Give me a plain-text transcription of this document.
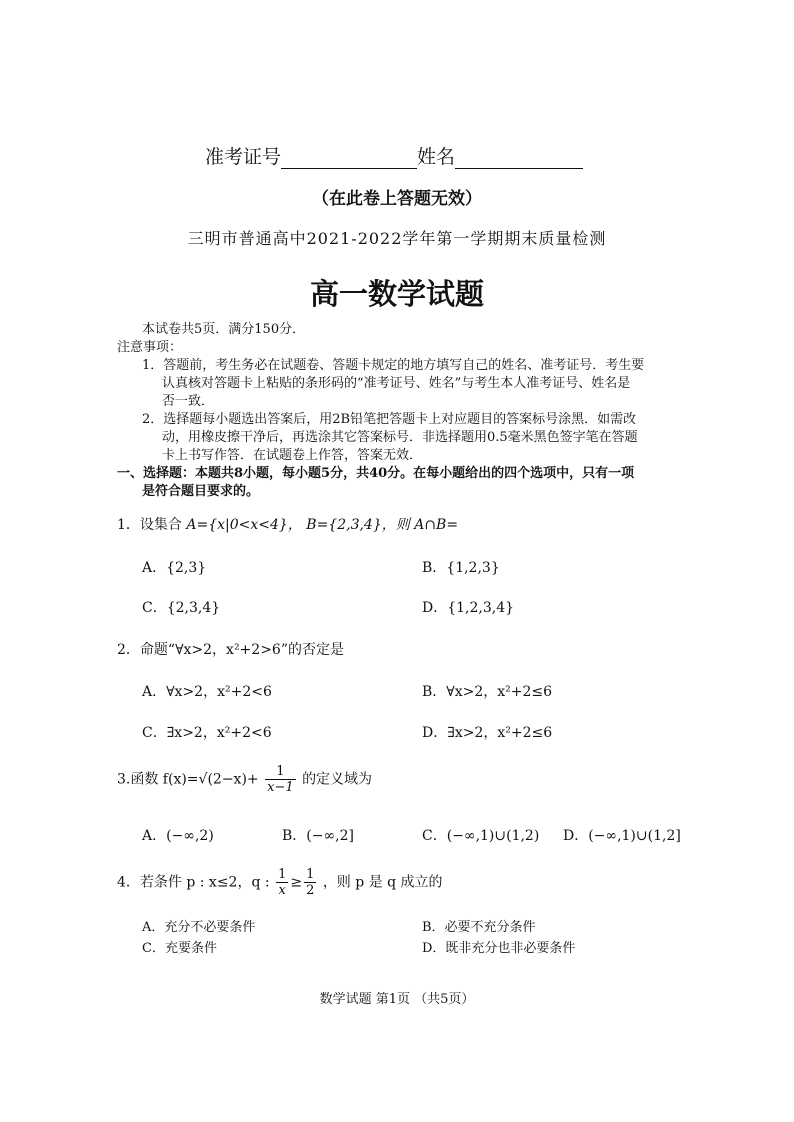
准考证号	姓名
（在此卷上答题无效）
三明市普通高中2021-2022学年第一学期期末质量检测
高一数学试题
本试卷共5页．满分150分．
注意事项：
1．答题前，考生务必在试题卷、答题卡规定的地方填写自己的姓名、准考证号．考生要
认真核对答题卡上粘贴的条形码的“准考证号、姓名”与考生本人准考证号、姓名是
否一致．
2．选择题每小题选出答案后，用2B铅笔把答题卡上对应题目的答案标号涂黑．如需改
动，用橡皮擦干净后，再选涂其它答案标号．非选择题用0.5毫米黑色签字笔在答题
卡上书写作答．在试题卷上作答，答案无效．
一、选择题：本题共8小题，每小题5分，共40分。在每小题给出的四个选项中，只有一项
是符合题目要求的。
1．设集合 A={x|0<x<4}， B={2,3,4}，则 A∩B=
A．{2,3}	B．{1,2,3}
C．{2,3,4}	D．{1,2,3,4}
2．命题“∀x>2，x²+2>6”的否定是
A．∀x>2，x²+2<6	B．∀x>2，x²+2≤6
C．∃x>2，x²+2<6	D．∃x>2，x²+2≤6
3.函数 $f(x)=√(2-x)+ \frac{1}{x-1}$ 的定义域为
A．(−∞,2)	B．(−∞,2]	C．(−∞,1)∪(1,2) D．(−∞,1)∪(1,2]
4．若条件 p : x≤2，q : $\frac{1}{x} \ge \frac{1}{2}$ ，则 p 是 q 成立的
A．充分不必要条件	B．必要不充分条件
C．充要条件	D．既非充分也非必要条件
数学试题 第1页 （共5页）
